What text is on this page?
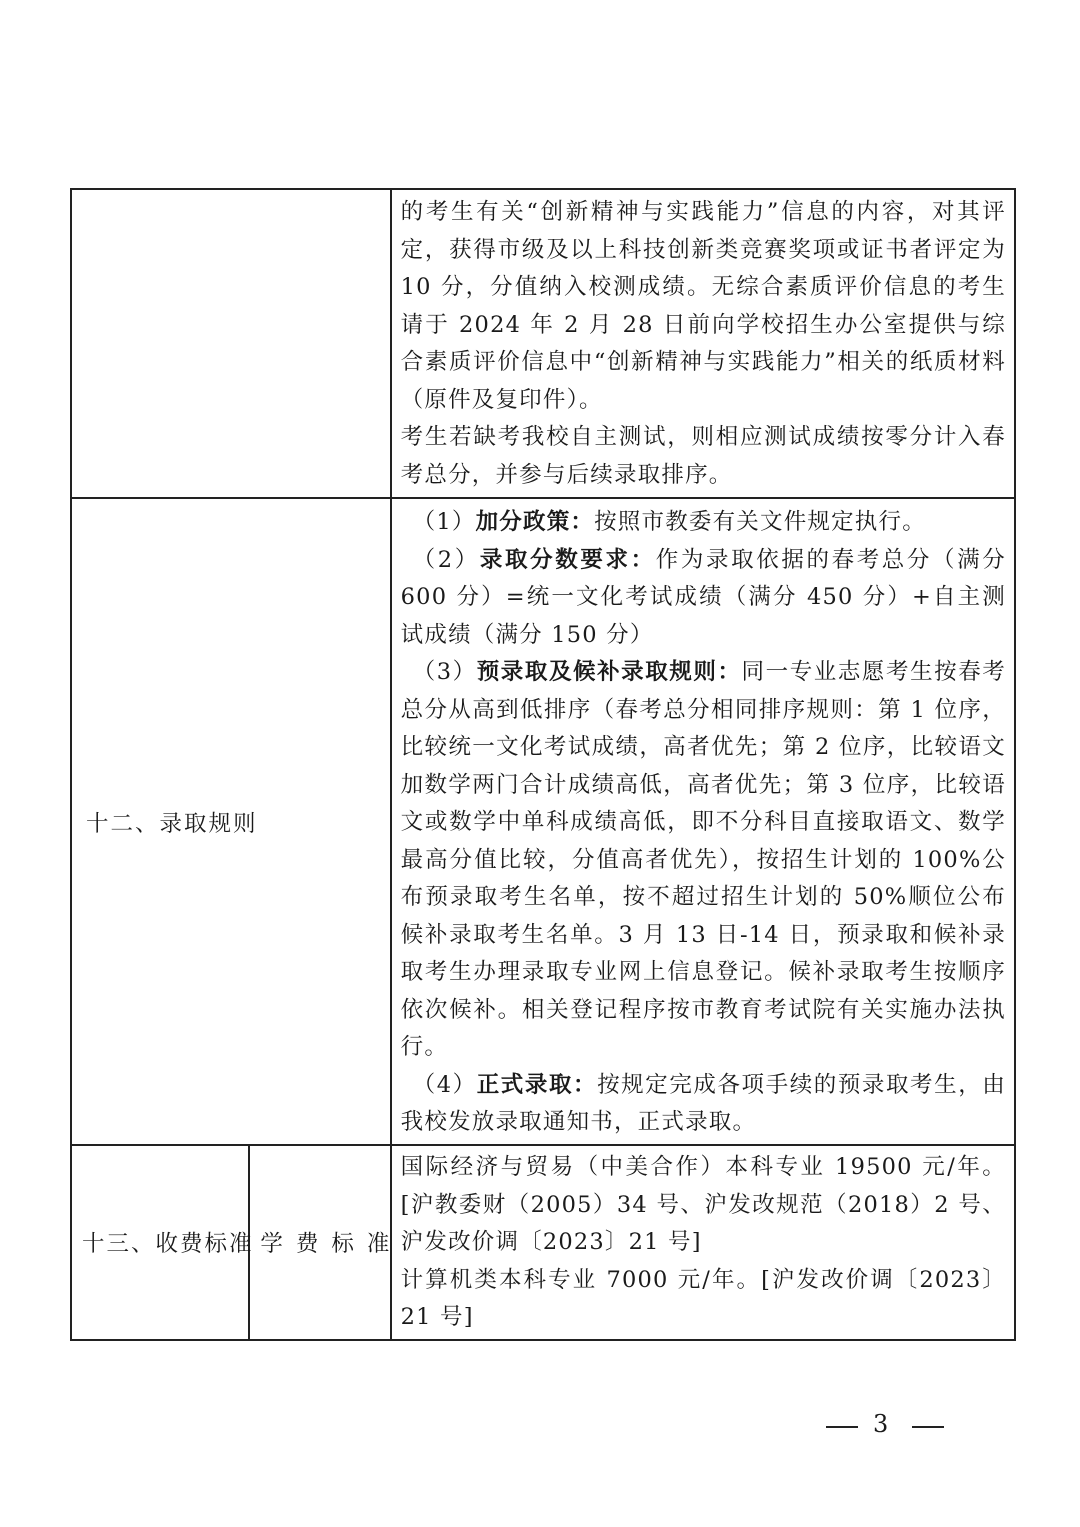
		的考生有关“创新精神与实践能力”信息的内容，对其评定，获得市级及以上科技创新类竞赛奖项或证书者评定为 10 分，分值纳入校测成绩。无综合素质评价信息的考生请于 2024 年 2 月 28 日前向学校招生办公室提供与综合素质评价信息中“创新精神与实践能力”相关的纸质材料（原件及复印件）。

考生若缺考我校自主测试，则相应测试成绩按零分计入春考总分，并参与后续录取排序。

十二、录取规则		（1）加分政策：按照市教委有关文件规定执行。

（2）录取分数要求：作为录取依据的春考总分（满分 600 分）=统一文化考试成绩（满分 450 分）+自主测试成绩（满分 150 分）

（3）预录取及候补录取规则：同一专业志愿考生按春考总分从高到低排序（春考总分相同排序规则：第 1 位序，比较统一文化考试成绩，高者优先；第 2 位序，比较语文加数学两门合计成绩高低，高者优先；第 3 位序，比较语文或数学中单科成绩高低，即不分科目直接取语文、数学最高分值比较，分值高者优先），按招生计划的 100%公布预录取考生名单，按不超过招生计划的 50%顺位公布候补录取考生名单。3 月 13 日-14 日，预录取和候补录取考生办理录取专业网上信息登记。候补录取考生按顺序依次候补。相关登记程序按市教育考试院有关实施办法执行。

（4）正式录取：按规定完成各项手续的预录取考生，由我校发放录取通知书，正式录取。

十三、收费标准	学费标准	国际经济与贸易（中美合作）本科专业 19500 元/年。[沪教委财（2005）34 号、沪发改规范（2018）2 号、沪发改价调〔2023〕21 号]

计算机类本科专业 7000 元/年。[沪发改价调〔2023〕21 号]

3
